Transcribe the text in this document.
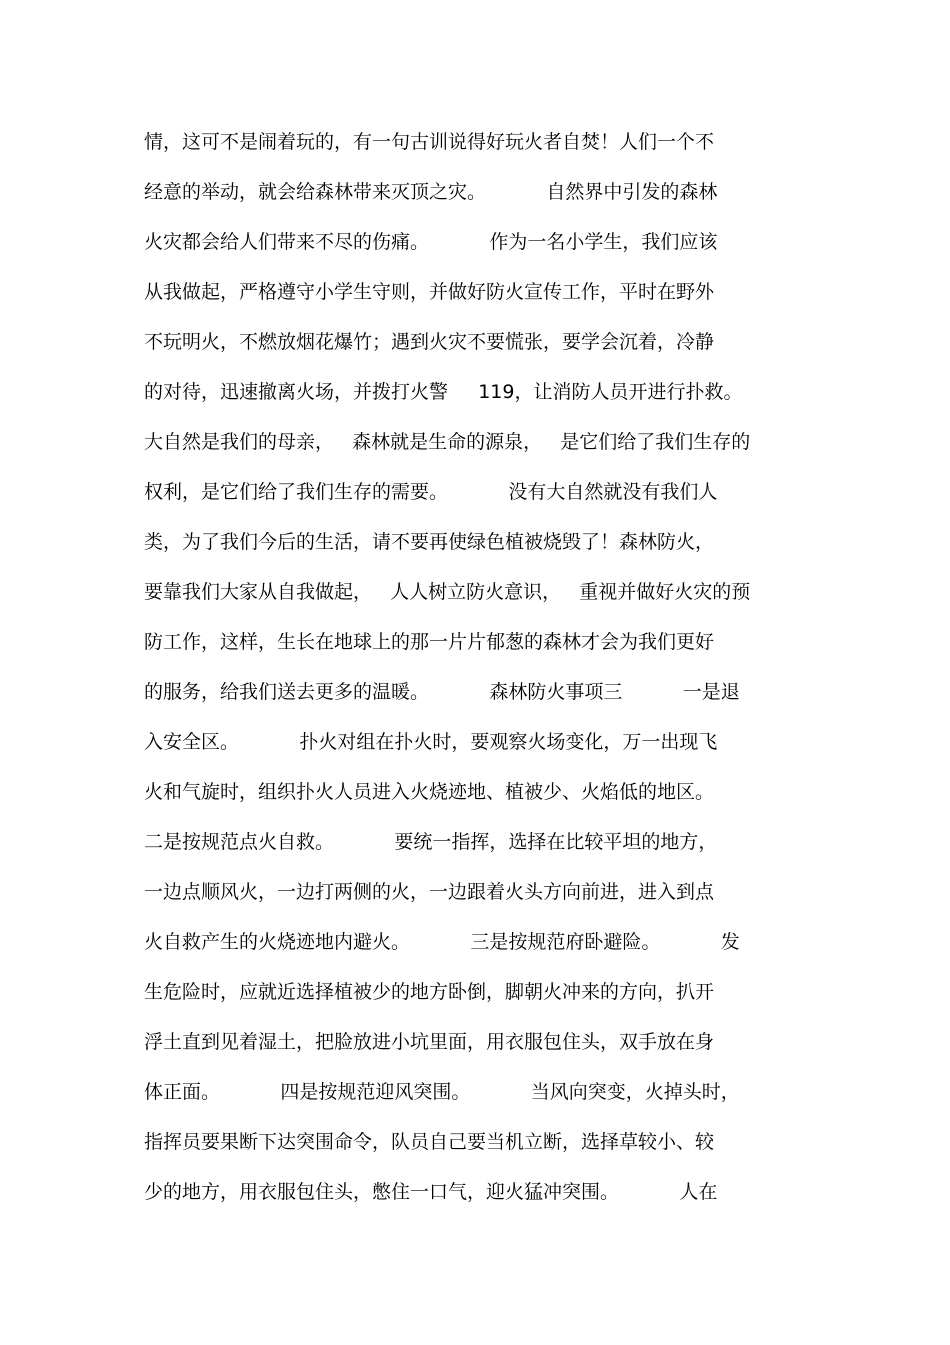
情，这可不是闹着玩的，有一句古训说得好玩火者自焚！人们一个不
经意的举动，就会给森林带来灭顶之灾。          自然界中引发的森林
火灾都会给人们带来不尽的伤痛。          作为一名小学生，我们应该
从我做起，严格遵守小学生守则，并做好防火宣传工作，平时在野外
不玩明火，不燃放烟花爆竹；遇到火灾不要慌张，要学会沉着，冷静
的对待，迅速撤离火场，并拨打火警     119，让消防人员开进行扑救。
大自然是我们的母亲，   森林就是生命的源泉，   是它们给了我们生存的
权利，是它们给了我们生存的需要。          没有大自然就没有我们人
类，为了我们今后的生活，请不要再使绿色植被烧毁了！森林防火，
要靠我们大家从自我做起，   人人树立防火意识，   重视并做好火灾的预
防工作，这样，生长在地球上的那一片片郁葱的森林才会为我们更好
的服务，给我们送去更多的温暖。          森林防火事项三          一是退
入安全区。          扑火对组在扑火时，要观察火场变化，万一出现飞
火和气旋时，组织扑火人员进入火烧迹地、植被少、火焰低的地区。
二是按规范点火自救。          要统一指挥，选择在比较平坦的地方，
一边点顺风火，一边打两侧的火，一边跟着火头方向前进，进入到点
火自救产生的火烧迹地内避火。          三是按规范府卧避险。          发
生危险时，应就近选择植被少的地方卧倒，脚朝火冲来的方向，扒开
浮土直到见着湿土，把脸放进小坑里面，用衣服包住头，双手放在身
体正面。          四是按规范迎风突围。          当风向突变，火掉头时，
指挥员要果断下达突围命令，队员自己要当机立断，选择草较小、较
少的地方，用衣服包住头，憋住一口气，迎火猛冲突围。          人在
